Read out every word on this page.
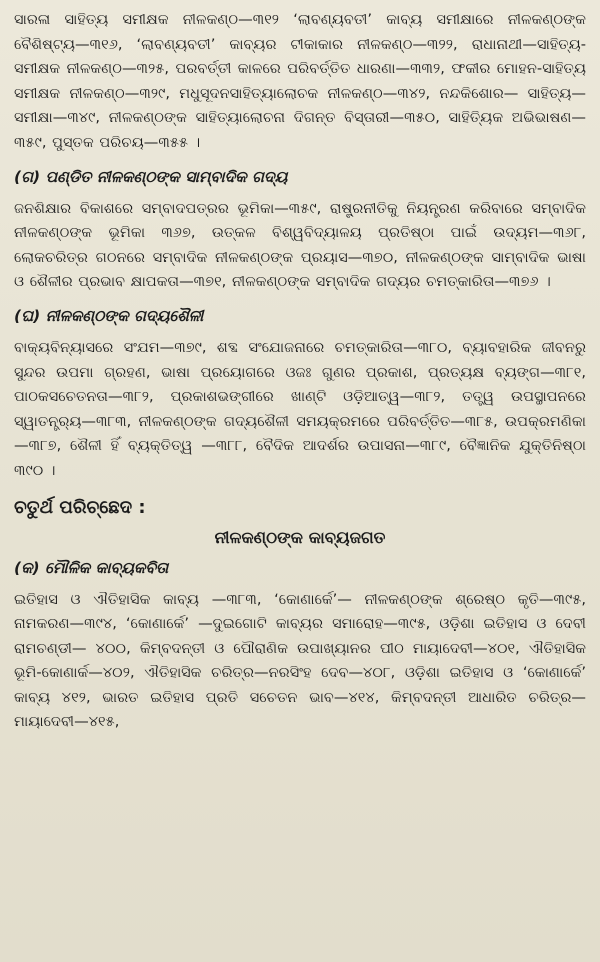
ସାରଳା ସାହିତ୍ୟ ସମୀକ୍ଷକ ନୀଳକଣ୍ଠ—୩୧୨ ‘ଲାବଣ୍ୟବତୀ’ କାବ୍ୟ ସମୀକ୍ଷାରେ ନୀଳକଣ୍ଠଙ୍କ ବୈଶିଷ୍ଟ୍ୟ—୩୧୬, ‘ଲାବଣ୍ୟବତୀ’ କାବ୍ୟର ଟୀକାକାର ନୀଳକଣ୍ଠ—୩୨୨, ରାଧାନାଥୀ—ସାହିତ୍ୟ-ସମୀକ୍ଷକ ନୀଳକଣ୍ଠ—୩୨୫, ପରବର୍ତ୍ତୀ କାଳରେ ପରିବର୍ତ୍ତିତ ଧାରଣା—୩୩୨, ଫକୀର ମୋହନ-ସାହିତ୍ୟ ସମୀକ୍ଷକ ନୀଳକଣ୍ଠ—୩୨୯, ମଧୁସୂଦନସାହିତ୍ୟାଲୋଚକ ନୀଳକଣ୍ଠ—୩୪୨, ନନ୍ଦକିଶୋର— ସାହିତ୍ୟ—ସମୀକ୍ଷା—୩୪୯, ନୀଳକଣ୍ଠଙ୍କ ସାହିତ୍ୟାଲୋଚନା ଦିଗନ୍ତ ବିସ୍ତାରୀ—୩୫୦, ସାହିତ୍ୟିକ ଅଭିଭାଷଣ—୩୫୯, ପୁସ୍ତକ ପରିଚୟ—୩୫୫ ।

(ଗ) ପଣ୍ଡିତ ନୀଳକଣ୍ଠଙ୍କ ସାମ୍ବାଦିକ ଗଦ୍ୟ

ଜନଶିକ୍ଷାର ବିକାଶରେ ସମ୍ବାଦପତ୍ରର ଭୂମିକା—୩୫୯, ରାଷ୍ଟ୍ରନୀତିକୁ ନିୟନ୍ତ୍ରଣ କରିବାରେ ସମ୍ବାଦିକ ନୀଳକଣ୍ଠଙ୍କ ଭୂମିକା ୩୬୭, ଉତ୍କଳ ବିଶ୍ୱବିଦ୍ୟାଳୟ ପ୍ରତିଷ୍ଠା ପାଇଁ ଉଦ୍ୟମ—୩୬୮, ଲୋକଚରିତ୍ର ଗଠନରେ ସମ୍ବାଦିକ ନୀଳକଣ୍ଠଙ୍କ ପ୍ରୟାସ—୩୭୦, ନୀଳକଣ୍ଠଙ୍କ ସାମ୍ବାଦିକ ଭାଷା ଓ ଶୈଳୀର ପ୍ରଭାବ କ୍ଷାପକତା—୩୭୧, ନୀଳକଣ୍ଠଙ୍କ ସମ୍ବାଦିକ ଗଦ୍ୟର ଚମତ୍କାରିତା—୩୭୬ ।

(ଘ) ନୀଳକଣ୍ଠଙ୍କ ଗଦ୍ୟଶୈଳୀ

ବାକ୍ୟବିନ୍ୟାସରେ ସଂଯମ—୩୭୯, ଶବ୍ଦ ସଂଯୋଜନାରେ ଚମତ୍କାରିତା—୩୮୦, ବ୍ୟାବହାରିକ ଜୀବନରୁ ସୁନ୍ଦର ଉପମା ଗ୍ରହଣ, ଭାଷା ପ୍ରୟୋଗରେ ଓଜଃ ଗୁଣର ପ୍ରକାଶ, ପ୍ରତ୍ୟକ୍ଷ ବ୍ୟଙ୍ଗ—୩୮୧, ପାଠକସଚେତନତା—୩୮୨, ପ୍ରକାଶଭଙ୍ଗୀରେ ଖାଣ୍ଟି ଓଡ଼ିଆତ୍ୱ—୩୮୨, ତତ୍ତ୍ୱ ଉପସ୍ଥାପନରେ ସ୍ୱାତନ୍ତ୍ର୍ୟ—୩୮୩, ନୀଳକଣ୍ଠଙ୍କ ଗଦ୍ୟଶୈଳୀ ସମୟକ୍ରମରେ ପରିବର୍ତ୍ତିତ—୩୮୫, ଉପକ୍ରମଣିକା—୩୮୭, ଶୈଳୀ ହିଁ ବ୍ୟକ୍ତିତ୍ୱ —୩୮୮, ବୈଦିକ ଆଦର୍ଶର ଉପାସନା—୩୮୯, ବୈଜ୍ଞାନିକ ଯୁକ୍ତିନିଷ୍ଠା ୩୯୦ ।

ଚତୁର୍ଥ ପରିଚ୍ଛେଦ :
ନୀଳକଣ୍ଠଙ୍କ କାବ୍ୟଜଗତ
(କ) ମୌଳିକ କାବ୍ୟକବିତା

ଇତିହାସ ଓ ଐତିହାସିକ କାବ୍ୟ —୩୮୩, ‘କୋଣାର୍କେ’— ନୀଳକଣ୍ଠଙ୍କ ଶ୍ରେଷ୍ଠ କୃତି—୩୯୫, ନାମକରଣ—୩୯୪, ‘କୋଣାର୍କେ’ —ଦୁଇଗୋଟି କାବ୍ୟର ସମାରୋହ—୩୯୫, ଓଡ଼ିଶା ଇତିହାସ ଓ ଦେବୀ ରାମଚଣ୍ଡୀ— ୪୦୦, କିମ୍ବଦନ୍ତୀ ଓ ପୌରାଣିକ ଉପାଖ୍ୟାନର ପୀଠ ମାୟାଦେବୀ—୪୦୧, ଐତିହାସିକ ଭୂମି-କୋଣାର୍କ—୪୦୨, ଐତିହାସିକ ଚରିତ୍ର—ନରସିଂହ ଦେବ—୪୦୮, ଓଡ଼ିଶା ଇତିହାସ ଓ ‘କୋଣାର୍କେ’ କାବ୍ୟ ୪୧୨, ଭାରତ ଇତିହାସ ପ୍ରତି ସଚେତନ ଭାବ—୪୧୪, କିମ୍ବଦନ୍ତୀ ଆଧାରିତ ଚରିତ୍ର—ମାୟାଦେବୀ—୪୧୫,
